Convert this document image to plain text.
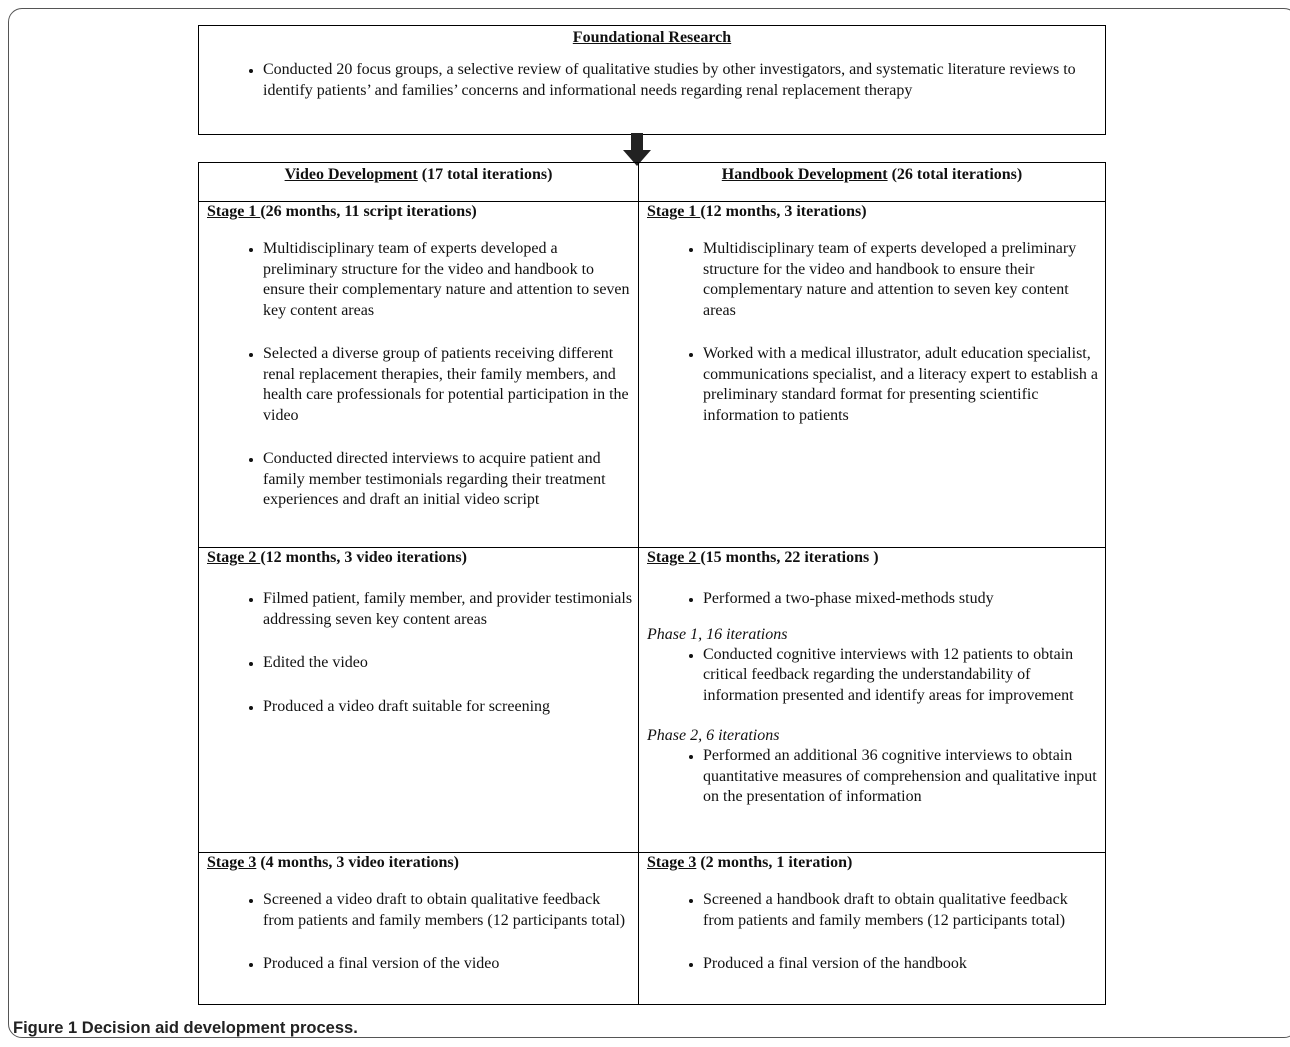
Foundational Research
• Conducted 20 focus groups, a selective review of qualitative studies by other investigators, and systematic literature reviews to identify patients’ and families’ concerns and informational needs regarding renal replacement therapy
Video Development (17 total iterations)	Handbook Development (26 total iterations)
Stage 1 (26 months, 11 script iterations)
• Multidisciplinary team of experts developed a preliminary structure for the video and handbook to ensure their complementary nature and attention to seven key content areas
• Selected a diverse group of patients receiving different renal replacement therapies, their family members, and health care professionals for potential participation in the video
• Conducted directed interviews to acquire patient and family member testimonials regarding their treatment experiences and draft an initial video script
Stage 1 (12 months, 3 iterations)
• Multidisciplinary team of experts developed a preliminary structure for the video and handbook to ensure their complementary nature and attention to seven key content areas
• Worked with a medical illustrator, adult education specialist, communications specialist, and a literacy expert to establish a preliminary standard format for presenting scientific information to patients
Stage 2 (12 months, 3 video iterations)
• Filmed patient, family member, and provider testimonials addressing seven key content areas
• Edited the video
• Produced a video draft suitable for screening
Stage 2 (15 months, 22 iterations )
• Performed a two-phase mixed-methods study
Phase 1, 16 iterations
• Conducted cognitive interviews with 12 patients to obtain critical feedback regarding the understandability of information presented and identify areas for improvement
Phase 2, 6 iterations
• Performed an additional 36 cognitive interviews to obtain quantitative measures of comprehension and qualitative input on the presentation of information
Stage 3 (4 months, 3 video iterations)
• Screened a video draft to obtain qualitative feedback from patients and family members (12 participants total)
• Produced a final version of the video
Stage 3 (2 months, 1 iteration)
• Screened a handbook draft to obtain qualitative feedback from patients and family members (12 participants total)
• Produced a final version of the handbook
Figure 1 Decision aid development process.
